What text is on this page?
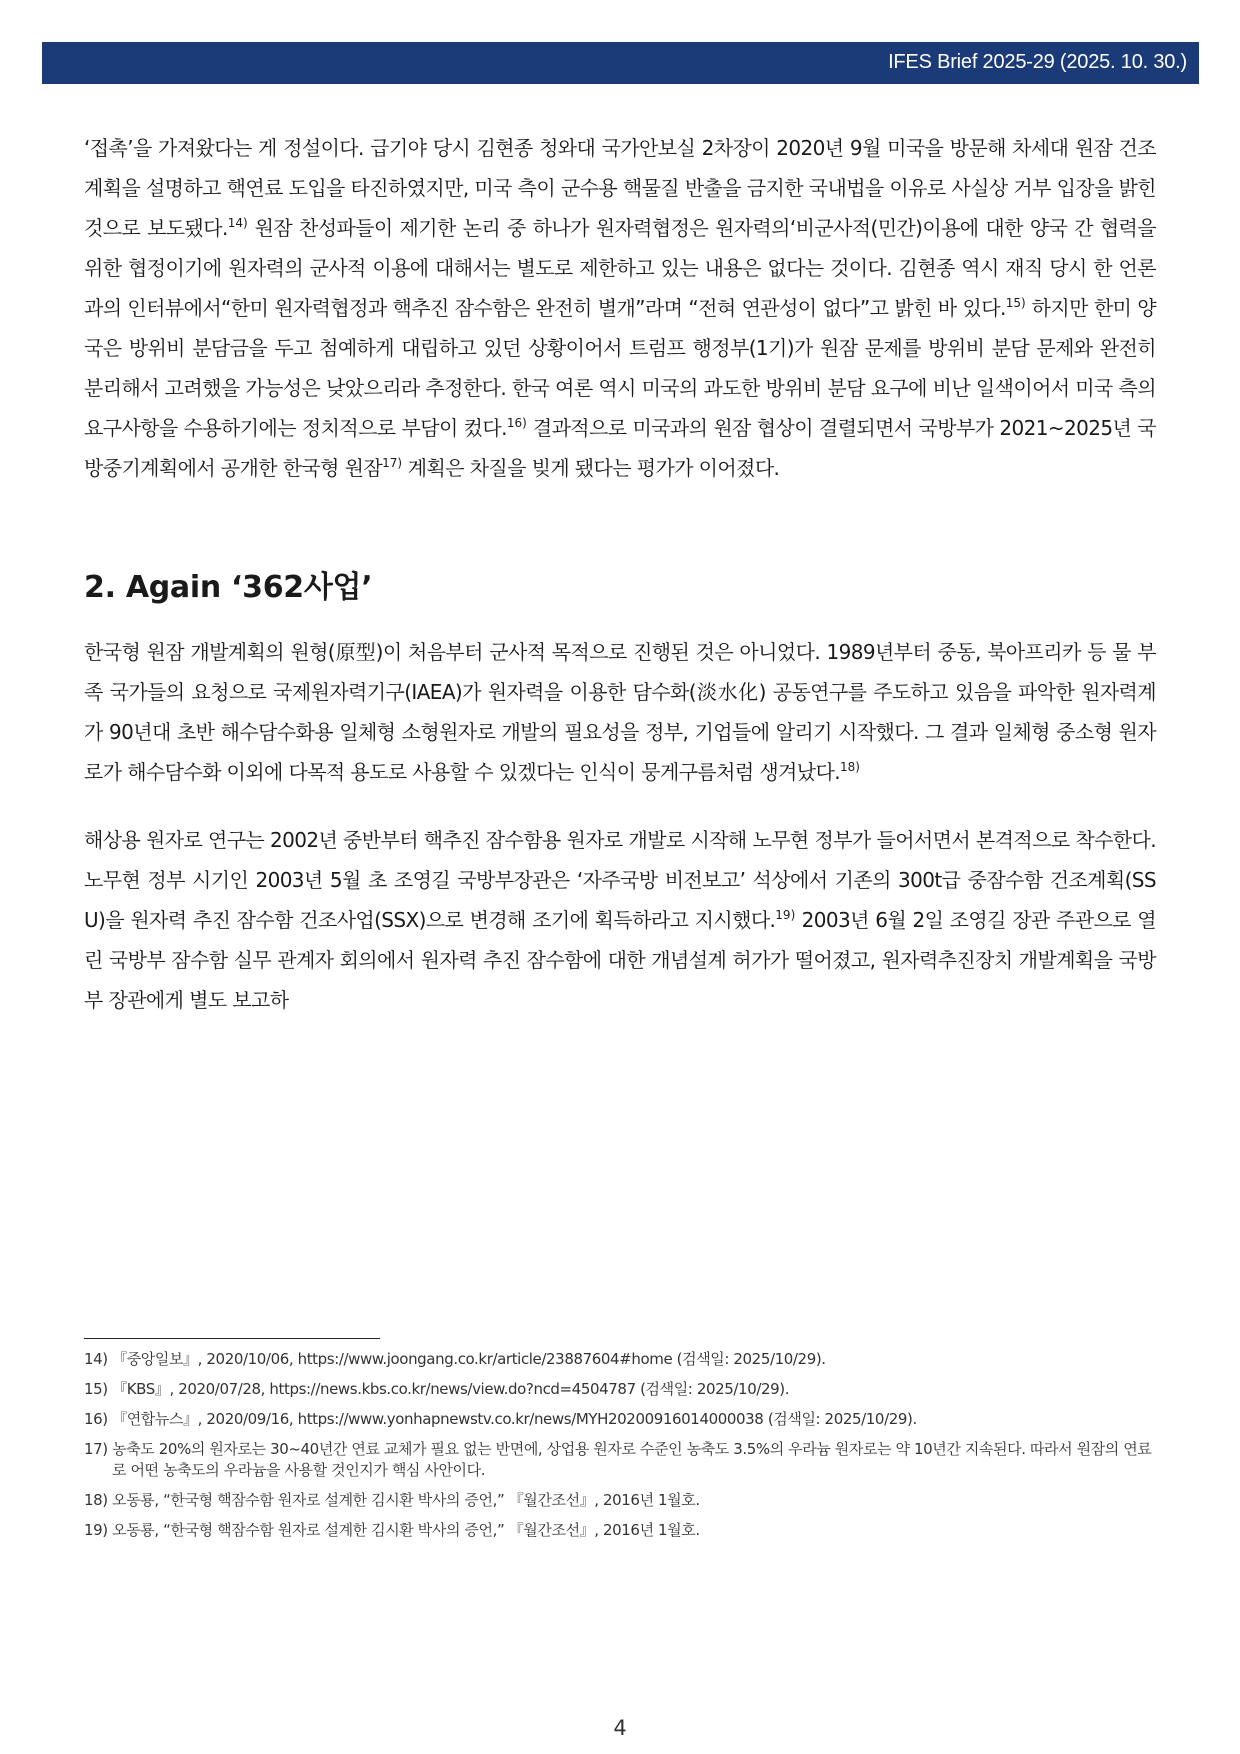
IFES Brief 2025-29 (2025. 10. 30.)

‘접촉’을 가져왔다는 게 정설이다. 급기야 당시 김현종 청와대 국가안보실 2차장이 2020년 9월 미국을 방문해 차세대 원잠 건조계획을 설명하고 핵연료 도입을 타진하였지만, 미국 측이 군수용 핵물질 반출을 금지한 국내법을 이유로 사실상 거부 입장을 밝힌 것으로 보도됐다.$^{14)}$ 원잠 찬성파들이 제기한 논리 중 하나가 원자력협정은 원자력의‘비군사적(민간)이용에 대한 양국 간 협력을 위한 협정이기에 원자력의 군사적 이용에 대해서는 별도로 제한하고 있는 내용은 없다는 것이다. 김현종 역시 재직 당시 한 언론과의 인터뷰에서“한미 원자력협정과 핵추진 잠수함은 완전히 별개”라며 “전혀 연관성이 없다”고 밝힌 바 있다.$^{15)}$ 하지만 한미 양국은 방위비 분담금을 두고 첨예하게 대립하고 있던 상황이어서 트럼프 행정부(1기)가 원잠 문제를 방위비 분담 문제와 완전히 분리해서 고려했을 가능성은 낮았으리라 추정한다. 한국 여론 역시 미국의 과도한 방위비 분담 요구에 비난 일색이어서 미국 측의 요구사항을 수용하기에는 정치적으로 부담이 컸다.$^{16)}$ 결과적으로 미국과의 원잠 협상이 결렬되면서 국방부가 2021~2025년 국방중기계획에서 공개한 한국형 원잠$^{17)}$ 계획은 차질을 빚게 됐다는 평가가 이어졌다.

2. Again ‘362사업’

한국형 원잠 개발계획의 원형(原型)이 처음부터 군사적 목적으로 진행된 것은 아니었다. 1989년부터 중동, 북아프리카 등 물 부족 국가들의 요청으로 국제원자력기구(IAEA)가 원자력을 이용한 담수화(淡水化) 공동연구를 주도하고 있음을 파악한 원자력계가 90년대 초반 해수담수화용 일체형 소형원자로 개발의 필요성을 정부, 기업들에 알리기 시작했다. 그 결과 일체형 중소형 원자로가 해수담수화 이외에 다목적 용도로 사용할 수 있겠다는 인식이 뭉게구름처럼 생겨났다.$^{18)}$

해상용 원자로 연구는 2002년 중반부터 핵추진 잠수함용 원자로 개발로 시작해 노무현 정부가 들어서면서 본격적으로 착수한다. 노무현 정부 시기인 2003년 5월 초 조영길 국방부장관은 ‘자주국방 비전보고’ 석상에서 기존의 300t급 중잠수함 건조계획(SSU)을 원자력 추진 잠수함 건조사업(SSX)으로 변경해 조기에 획득하라고 지시했다.$^{19)}$ 2003년 6월 2일 조영길 장관 주관으로 열린 국방부 잠수함 실무 관계자 회의에서 원자력 추진 잠수함에 대한 개념설계 허가가 떨어졌고, 원자력추진장치 개발계획을 국방부 장관에게 별도 보고하

14) 『중앙일보』, 2020/10/06, https://www.joongang.co.kr/article/23887604#home (검색일: 2025/10/29).

15) 『KBS』, 2020/07/28, https://news.kbs.co.kr/news/view.do?ncd=4504787 (검색일: 2025/10/29).

16) 『연합뉴스』, 2020/09/16, https://www.yonhapnewstv.co.kr/news/MYH20200916014000038 (검색일: 2025/10/29).

17) 농축도 20%의 원자로는 30~40년간 연료 교체가 필요 없는 반면에, 상업용 원자로 수준인 농축도 3.5%의 우라늄 원자로는 약 10년간 지속된다. 따라서 원잠의 연료로 어떤 농축도의 우라늄을 사용할 것인지가 핵심 사안이다.

18) 오동룡, “한국형 핵잠수함 원자로 설계한 김시환 박사의 증언,” 『월간조선』, 2016년 1월호.

19) 오동룡, “한국형 핵잠수함 원자로 설계한 김시환 박사의 증언,” 『월간조선』, 2016년 1월호.

4
